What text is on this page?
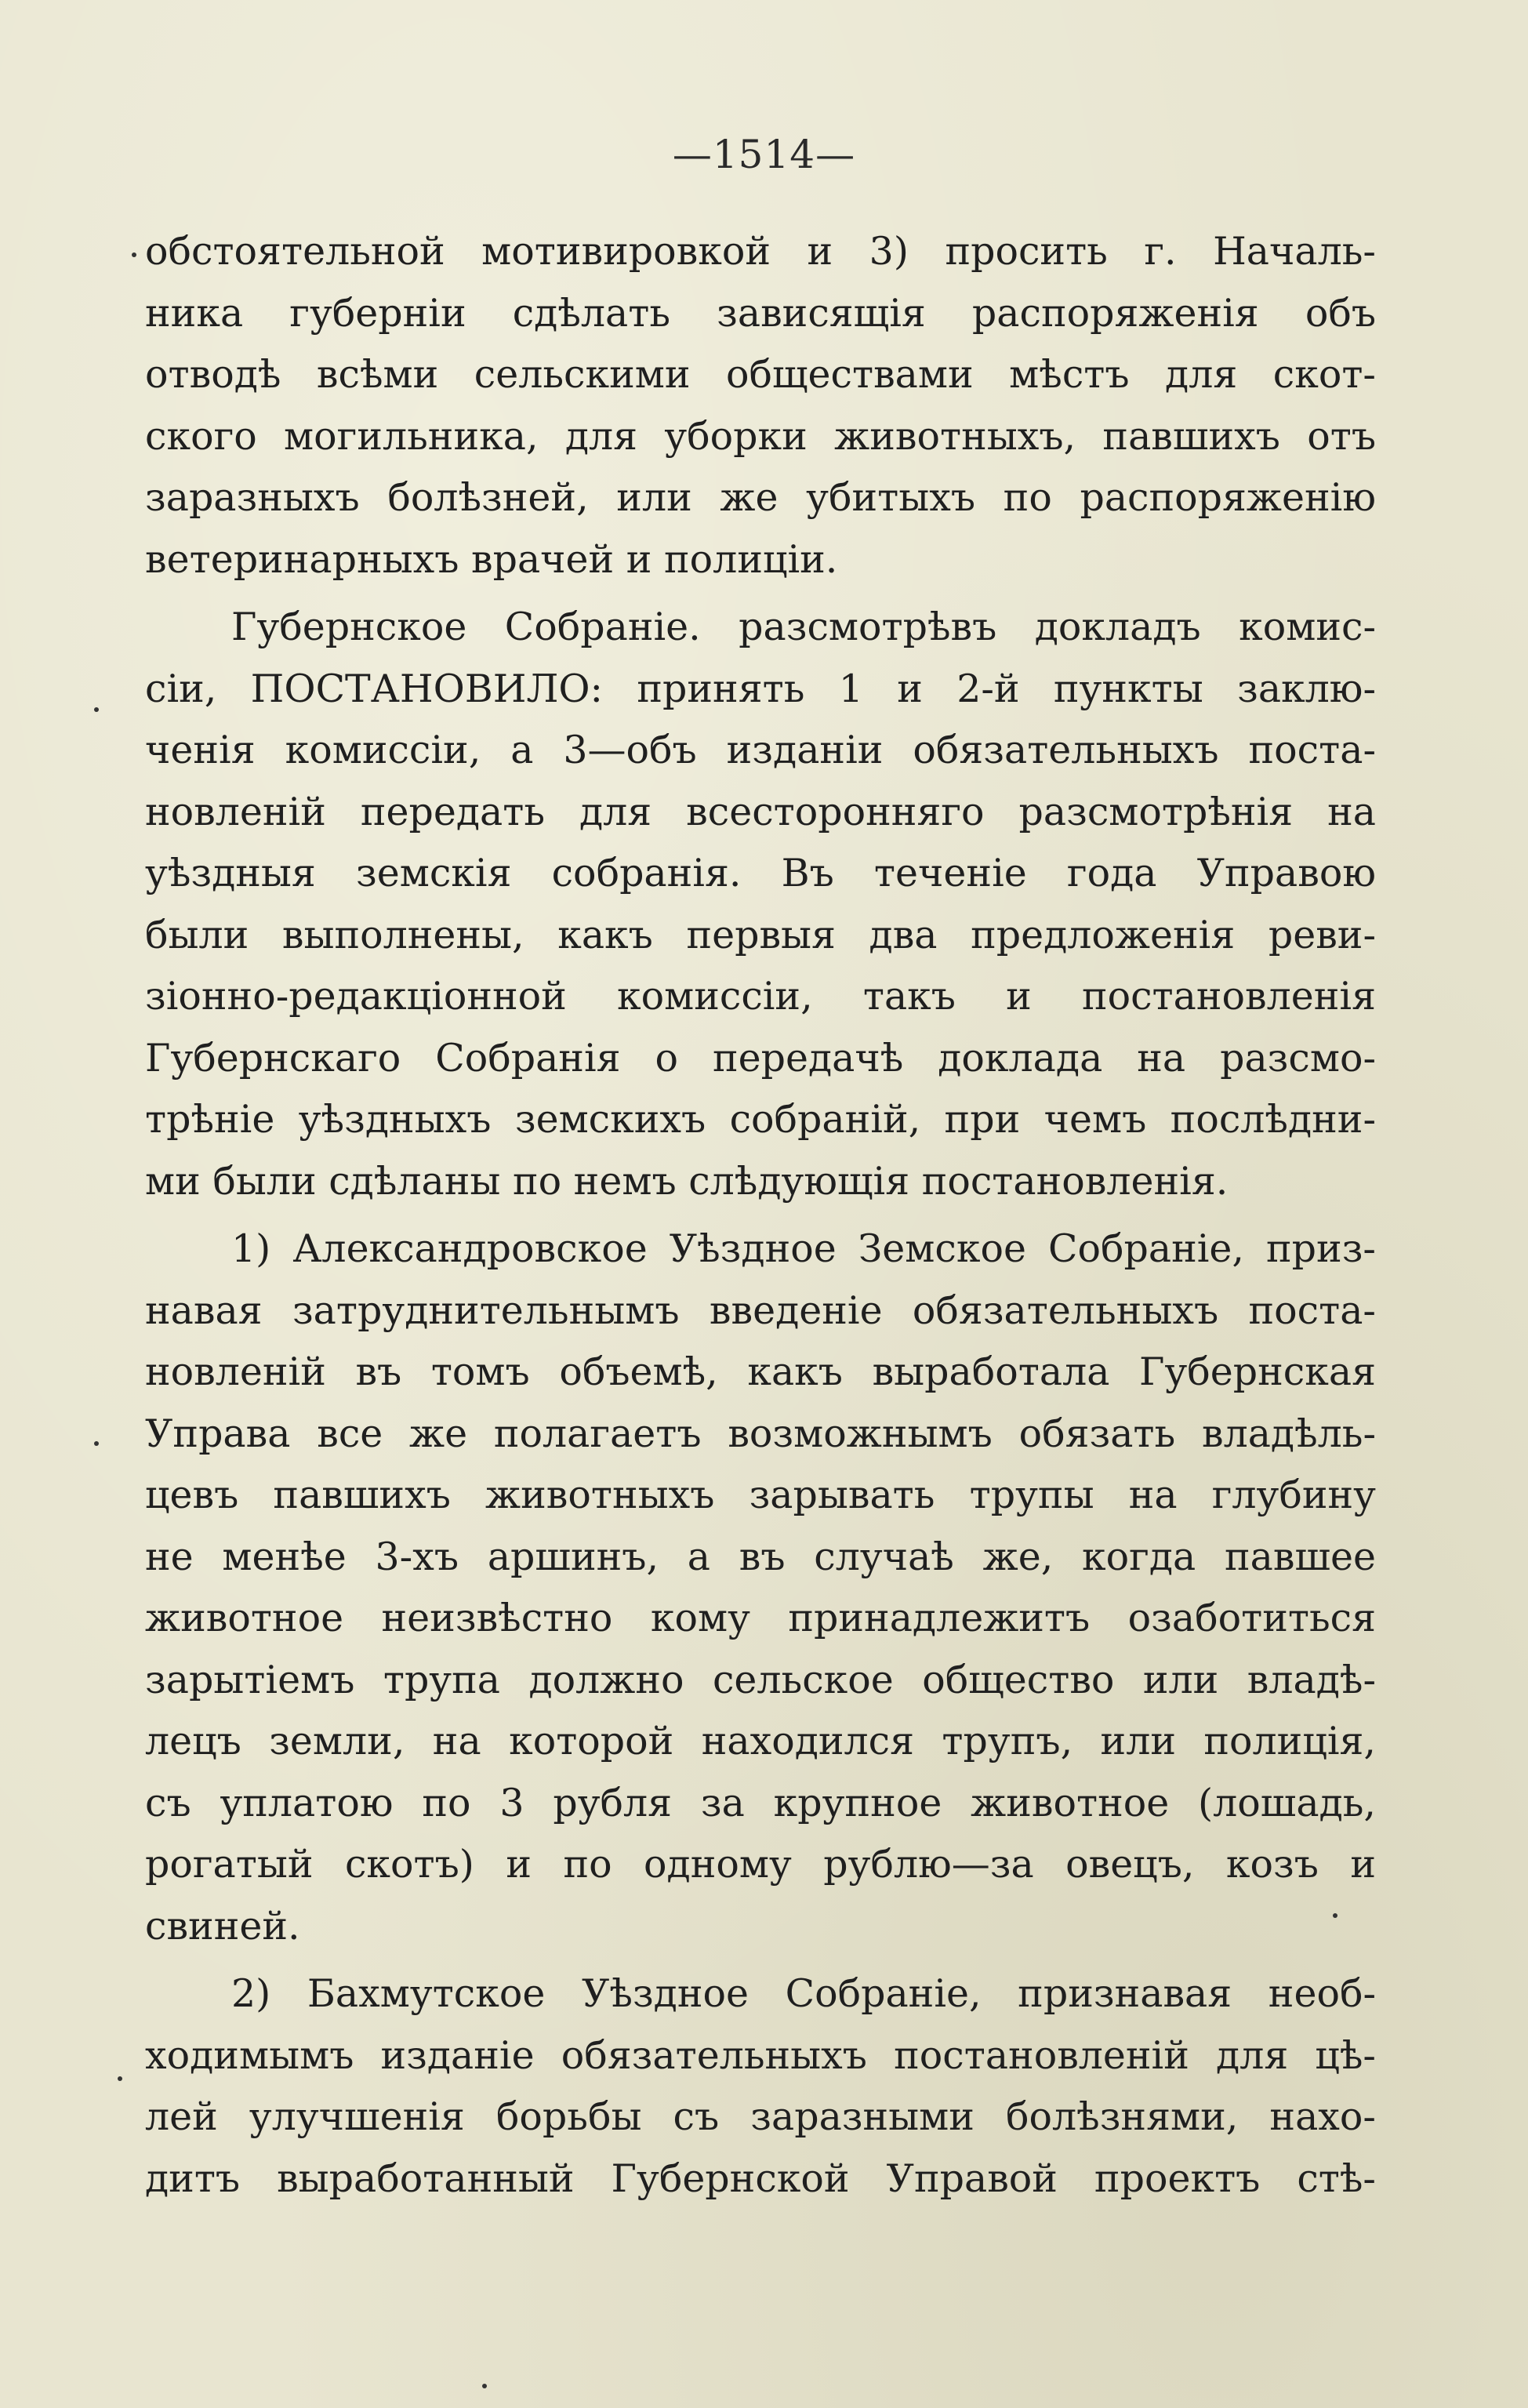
—1514—
обстоятельной мотивировкой и 3) просить г. Началь-
ника губерніи сдѣлать зависящія распоряженія объ
отводѣ всѣми сельскими обществами мѣстъ для скот-
ского могильника, для уборки животныхъ, павшихъ отъ
заразныхъ болѣзней, или же убитыхъ по распоряженію
ветеринарныхъ врачей и полиціи.
Губернское Собраніе. разсмотрѣвъ докладъ комис-
сіи, ПОСТАНОВИЛО: принять 1 и 2-й пункты заклю-
ченія комиссіи, а 3—объ изданіи обязательныхъ поста-
новленій передать для всесторонняго разсмотрѣнія на
уѣздныя земскія собранія. Въ теченіе года Управою
были выполнены, какъ первыя два предложенія реви-
зіонно-редакціонной комиссіи, такъ и постановленія
Губернскаго Собранія о передачѣ доклада на разсмо-
трѣніе уѣздныхъ земскихъ собраній, при чемъ послѣдни-
ми были сдѣланы по немъ слѣдующія постановленія.
1) Александровское Уѣздное Земское Собраніе, приз-
навая затруднительнымъ введеніе обязательныхъ поста-
новленій въ томъ объемѣ, какъ выработала Губернская
Управа все же полагаетъ возможнымъ обязать владѣль-
цевъ павшихъ животныхъ зарывать трупы на глубину
не менѣе 3-хъ аршинъ, а въ случаѣ же, когда павшее
животное неизвѣстно кому принадлежитъ озаботиться
зарытіемъ трупа должно сельское общество или владѣ-
лецъ земли, на которой находился трупъ, или полиція,
съ уплатою по 3 рубля за крупное животное (лошадь,
рогатый скотъ) и по одному рублю—за овецъ, козъ и
свиней.
2) Бахмутское Уѣздное Собраніе, признавая необ-
ходимымъ изданіе обязательныхъ постановленій для цѣ-
лей улучшенія борьбы съ заразными болѣзнями, нахо-
дитъ выработанный Губернской Управой проектъ стѣ-
